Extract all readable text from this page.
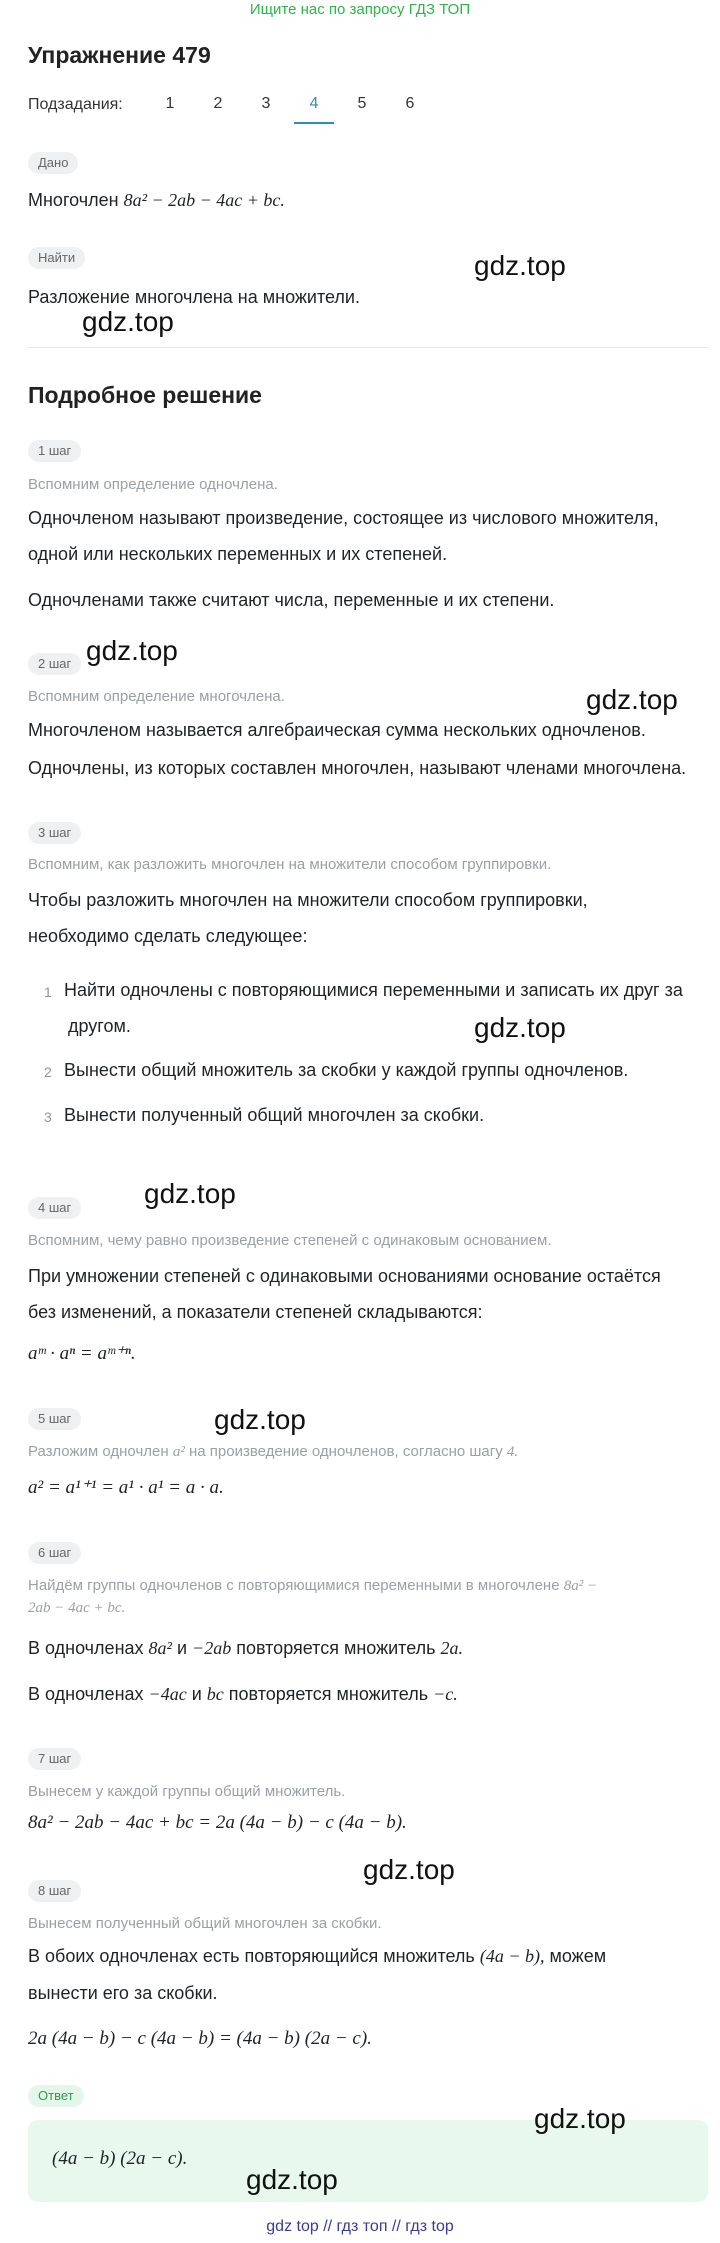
Ищите нас по запросу ГДЗ ТОП
Упражнение 479
Подзадания:	1	2	3	4	5	6
Дано
Многочлен 8a² − 2ab − 4ac + bc.
Найти
Разложение многочлена на множители.
Подробное решение
1 шаг
Вспомним определение одночлена.
Одночленом называют произведение, состоящее из числового множителя,
одной или нескольких переменных и их степеней.
Одночленами также считают числа, переменные и их степени.
2 шаг
Вспомним определение многочлена.
Многочленом называется алгебраическая сумма нескольких одночленов.
Одночлены, из которых составлен многочлен, называют членами многочлена.
3 шаг
Вспомним, как разложить многочлен на множители способом группировки.
Чтобы разложить многочлен на множители способом группировки,
необходимо сделать следующее:
1 Найти одночлены с повторяющимися переменными и записать их друг за
другом.
2 Вынести общий множитель за скобки у каждой группы одночленов.
3 Вынести полученный общий многочлен за скобки.
4 шаг
Вспомним, чему равно произведение степеней с одинаковым основанием.
При умножении степеней с одинаковыми основаниями основание остаётся
без изменений, а показатели степеней складываются:
aᵐ · aⁿ = aᵐ⁺ⁿ.
5 шаг
Разложим одночлен a² на произведение одночленов, согласно шагу 4.
a² = a¹⁺¹ = a¹ · a¹ = a · a.
6 шаг
Найдём группы одночленов с повторяющимися переменными в многочлене 8a² −
2ab − 4ac + bc.
В одночленах 8a² и −2ab повторяется множитель 2a.
В одночленах −4ac и bc повторяется множитель −c.
7 шаг
Вынесем у каждой группы общий множитель.
8a² − 2ab − 4ac + bc = 2a (4a − b) − c (4a − b).
8 шаг
Вынесем полученный общий многочлен за скобки.
В обоих одночленах есть повторяющийся множитель (4a − b), можем
вынести его за скобки.
2a (4a − b) − c (4a − b) = (4a − b) (2a − c).
Ответ
(4a − b) (2a − c).
gdz.top
gdz.top
gdz.top
gdz.top
gdz.top
gdz.top
gdz.top
gdz.top
gdz.top
gdz.top
gdz top // гдз топ // гдз top
